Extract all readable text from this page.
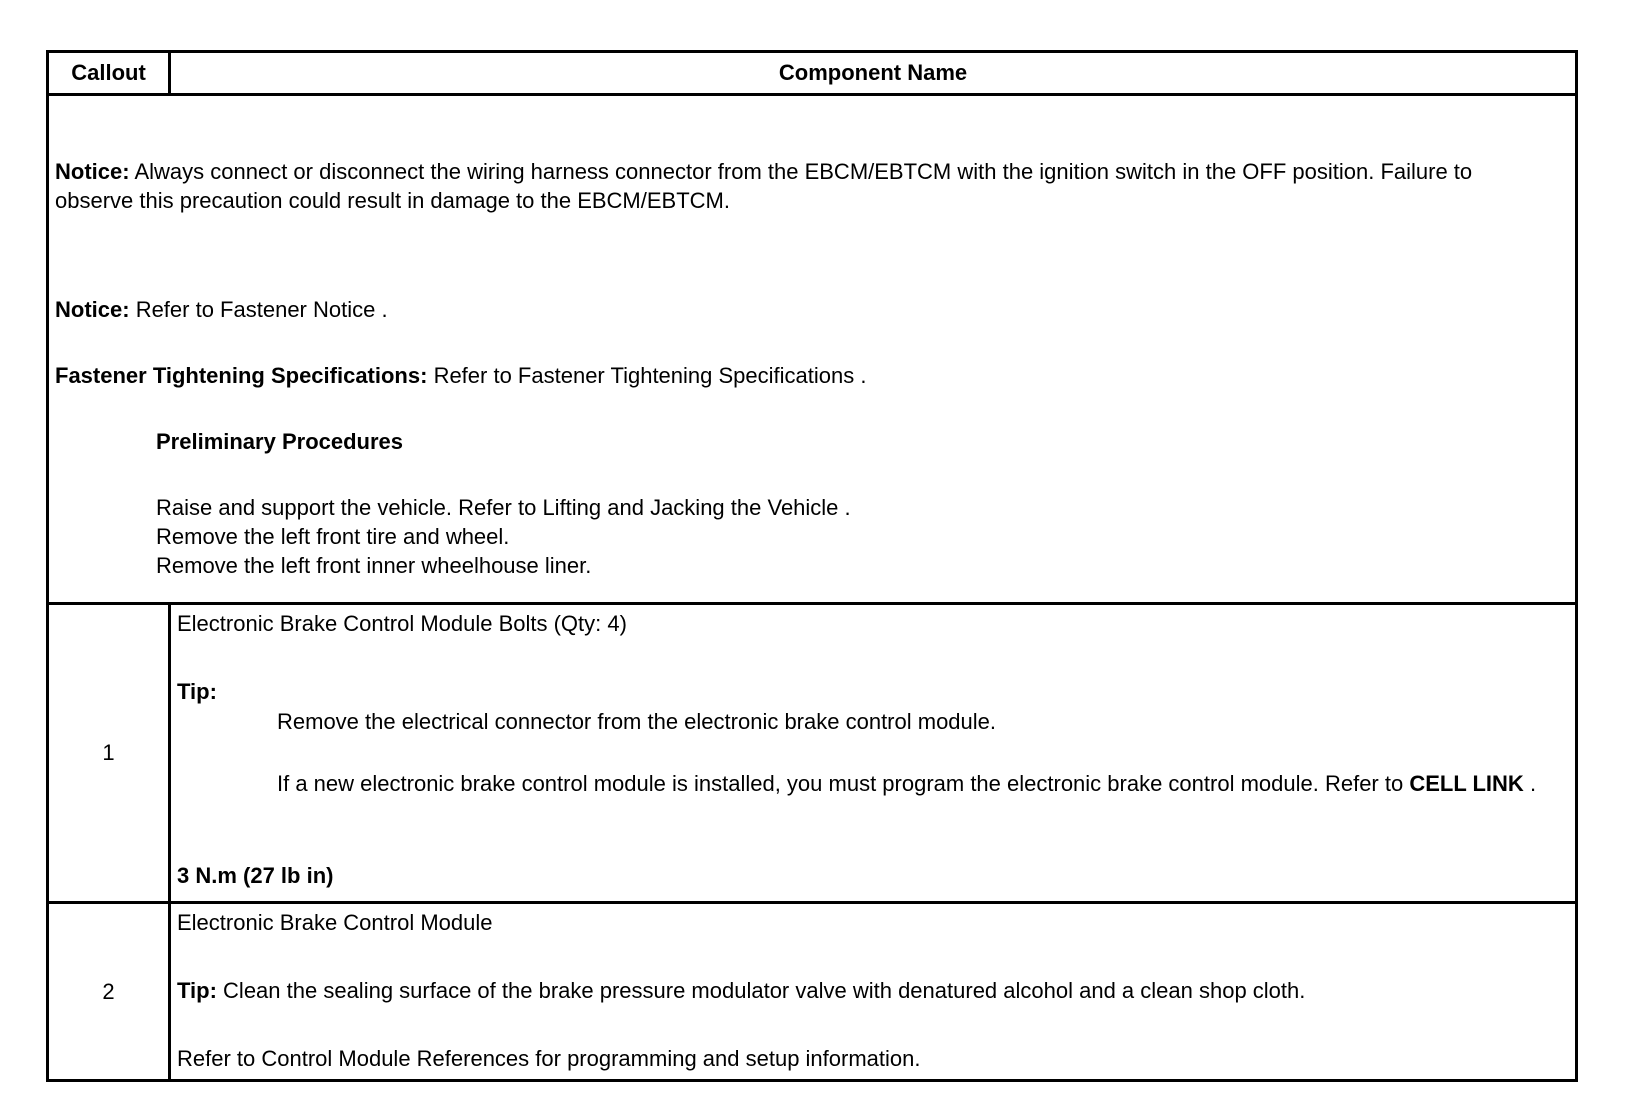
Callout	Component Name
Notice: Always connect or disconnect the wiring harness connector from the EBCM/EBTCM with the ignition switch in the OFF position. Failure to observe this precaution could result in damage to the EBCM/EBTCM.
Notice: Refer to Fastener Notice .
Fastener Tightening Specifications: Refer to Fastener Tightening Specifications .
Preliminary Procedures
Raise and support the vehicle. Refer to Lifting and Jacking the Vehicle .
Remove the left front tire and wheel.
Remove the left front inner wheelhouse liner.
1
Electronic Brake Control Module Bolts (Qty: 4)
Tip:
Remove the electrical connector from the electronic brake control module.
If a new electronic brake control module is installed, you must program the electronic brake control module. Refer to CELL LINK .
3 N.m (27 lb in)
2
Electronic Brake Control Module
Tip: Clean the sealing surface of the brake pressure modulator valve with denatured alcohol and a clean shop cloth.
Refer to Control Module References for programming and setup information.
